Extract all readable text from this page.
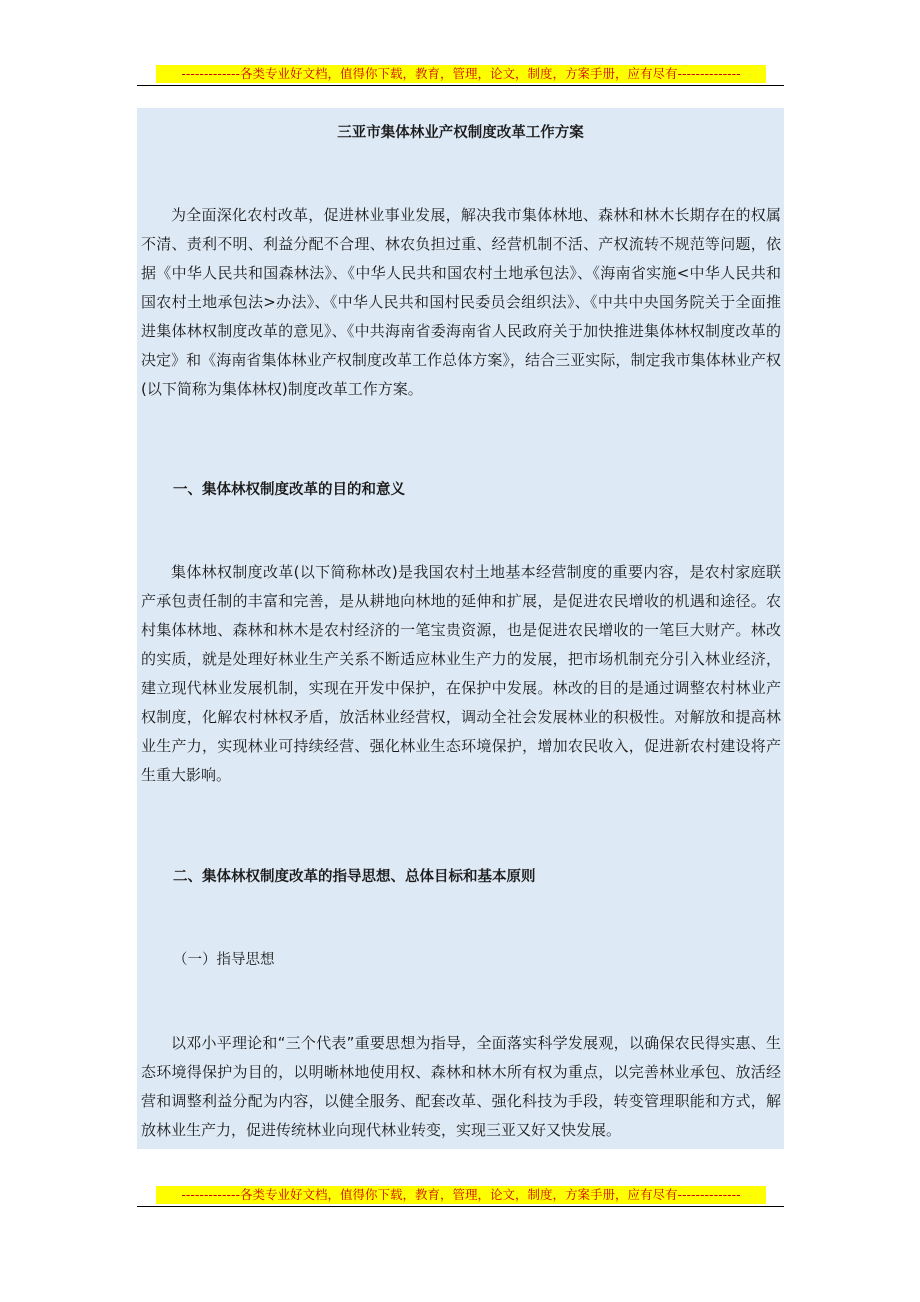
-------------各类专业好文档，值得你下载，教育，管理，论文，制度，方案手册，应有尽有--------------
三亚市集体林业产权制度改革工作方案

为全面深化农村改革，促进林业事业发展，解决我市集体林地、森林和林木长期存在的权属不清、责利不明、利益分配不合理、林农负担过重、经营机制不活、产权流转不规范等问题，依据《中华人民共和国森林法》、《中华人民共和国农村土地承包法》、《海南省实施<中华人民共和国农村土地承包法>办法》、《中华人民共和国村民委员会组织法》、《中共中央国务院关于全面推进集体林权制度改革的意见》、《中共海南省委海南省人民政府关于加快推进集体林权制度改革的决定》和《海南省集体林业产权制度改革工作总体方案》，结合三亚实际，制定我市集体林业产权(以下简称为集体林权)制度改革工作方案。

一、集体林权制度改革的目的和意义

集体林权制度改革(以下简称林改)是我国农村土地基本经营制度的重要内容，是农村家庭联产承包责任制的丰富和完善，是从耕地向林地的延伸和扩展，是促进农民增收的机遇和途径。农村集体林地、森林和林木是农村经济的一笔宝贵资源，也是促进农民增收的一笔巨大财产。林改的实质，就是处理好林业生产关系不断适应林业生产力的发展，把市场机制充分引入林业经济，建立现代林业发展机制，实现在开发中保护，在保护中发展。林改的目的是通过调整农村林业产权制度，化解农村林权矛盾，放活林业经营权，调动全社会发展林业的积极性。对解放和提高林业生产力，实现林业可持续经营、强化林业生态环境保护，增加农民收入，促进新农村建设将产生重大影响。

二、集体林权制度改革的指导思想、总体目标和基本原则
（一）指导思想

以邓小平理论和“三个代表”重要思想为指导，全面落实科学发展观，以确保农民得实惠、生态环境得保护为目的，以明晰林地使用权、森林和林木所有权为重点，以完善林业承包、放活经营和调整利益分配为内容，以健全服务、配套改革、强化科技为手段，转变管理职能和方式，解放林业生产力，促进传统林业向现代林业转变，实现三亚又好又快发展。

-------------各类专业好文档，值得你下载，教育，管理，论文，制度，方案手册，应有尽有--------------
